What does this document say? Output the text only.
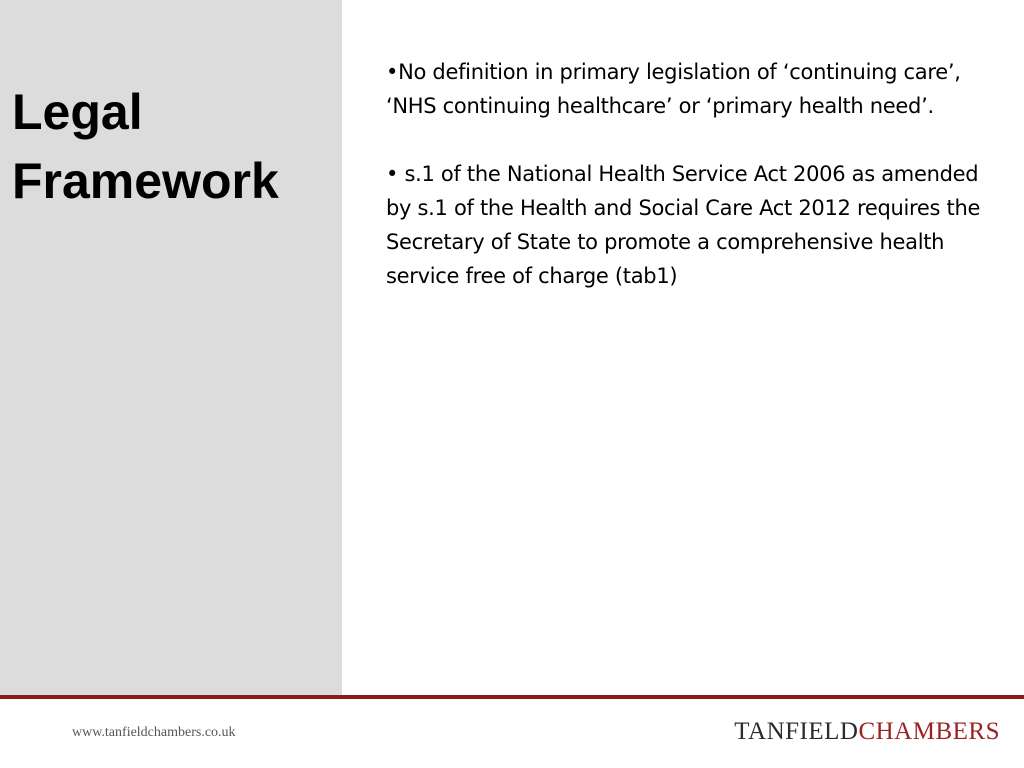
Legal
Framework

•No definition in primary legislation of ‘continuing care’, ‘NHS continuing healthcare’ or ‘primary health need’.

• s.1 of the National Health Service Act 2006 as amended by s.1 of the Health and Social Care Act 2012 requires the Secretary of State to promote a comprehensive health service free of charge (tab1)

www.tanfieldchambers.co.uk	TANFIELDCHAMBERS
